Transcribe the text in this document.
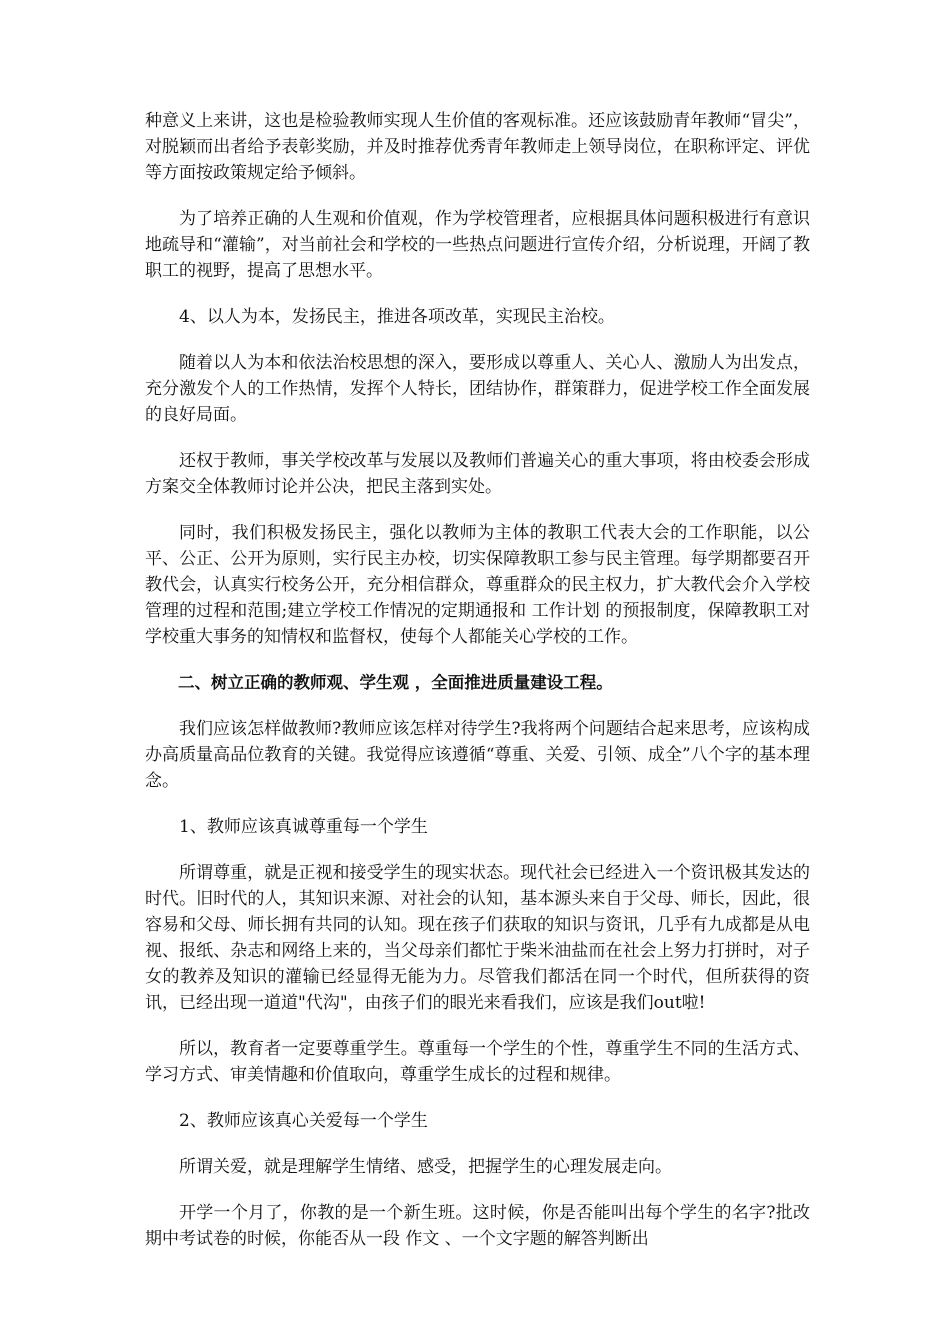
种意义上来讲，这也是检验教师实现人生价值的客观标准。还应该鼓励青年教师“冒尖”，对脱颖而出者给予表彰奖励，并及时推荐优秀青年教师走上领导岗位，在职称评定、评优等方面按政策规定给予倾斜。

为了培养正确的人生观和价值观，作为学校管理者，应根据具体问题积极进行有意识地疏导和“灌输”，对当前社会和学校的一些热点问题进行宣传介绍，分析说理，开阔了教职工的视野，提高了思想水平。

4、以人为本，发扬民主，推进各项改革，实现民主治校。

随着以人为本和依法治校思想的深入，要形成以尊重人、关心人、激励人为出发点，充分激发个人的工作热情，发挥个人特长，团结协作，群策群力，促进学校工作全面发展的良好局面。

还权于教师，事关学校改革与发展以及教师们普遍关心的重大事项，将由校委会形成方案交全体教师讨论并公决，把民主落到实处。

同时，我们积极发扬民主，强化以教师为主体的教职工代表大会的工作职能，以公平、公正、公开为原则，实行民主办校，切实保障教职工参与民主管理。每学期都要召开教代会，认真实行校务公开，充分相信群众，尊重群众的民主权力，扩大教代会介入学校管理的过程和范围;建立学校工作情况的定期通报和 工作计划 的预报制度，保障教职工对学校重大事务的知情权和监督权，使每个人都能关心学校的工作。

二、树立正确的教师观、学生观 ，全面推进质量建设工程。

我们应该怎样做教师?教师应该怎样对待学生?我将两个问题结合起来思考，应该构成办高质量高品位教育的关键。我觉得应该遵循“尊重、关爱、引领、成全”八个字的基本理念。

1、教师应该真诚尊重每一个学生

所谓尊重，就是正视和接受学生的现实状态。现代社会已经进入一个资讯极其发达的时代。旧时代的人，其知识来源、对社会的认知，基本源头来自于父母、师长，因此，很容易和父母、师长拥有共同的认知。现在孩子们获取的知识与资讯，几乎有九成都是从电视、报纸、杂志和网络上来的，当父母亲们都忙于柴米油盐而在社会上努力打拼时，对子女的教养及知识的灌输已经显得无能为力。尽管我们都活在同一个时代，但所获得的资讯，已经出现一道道"代沟"，由孩子们的眼光来看我们，应该是我们out啦!

所以，教育者一定要尊重学生。尊重每一个学生的个性，尊重学生不同的生活方式、学习方式、审美情趣和价值取向，尊重学生成长的过程和规律。

2、教师应该真心关爱每一个学生

所谓关爱，就是理解学生情绪、感受，把握学生的心理发展走向。

开学一个月了，你教的是一个新生班。这时候，你是否能叫出每个学生的名字?批改期中考试卷的时候，你能否从一段 作文 、一个文字题的解答判断出
